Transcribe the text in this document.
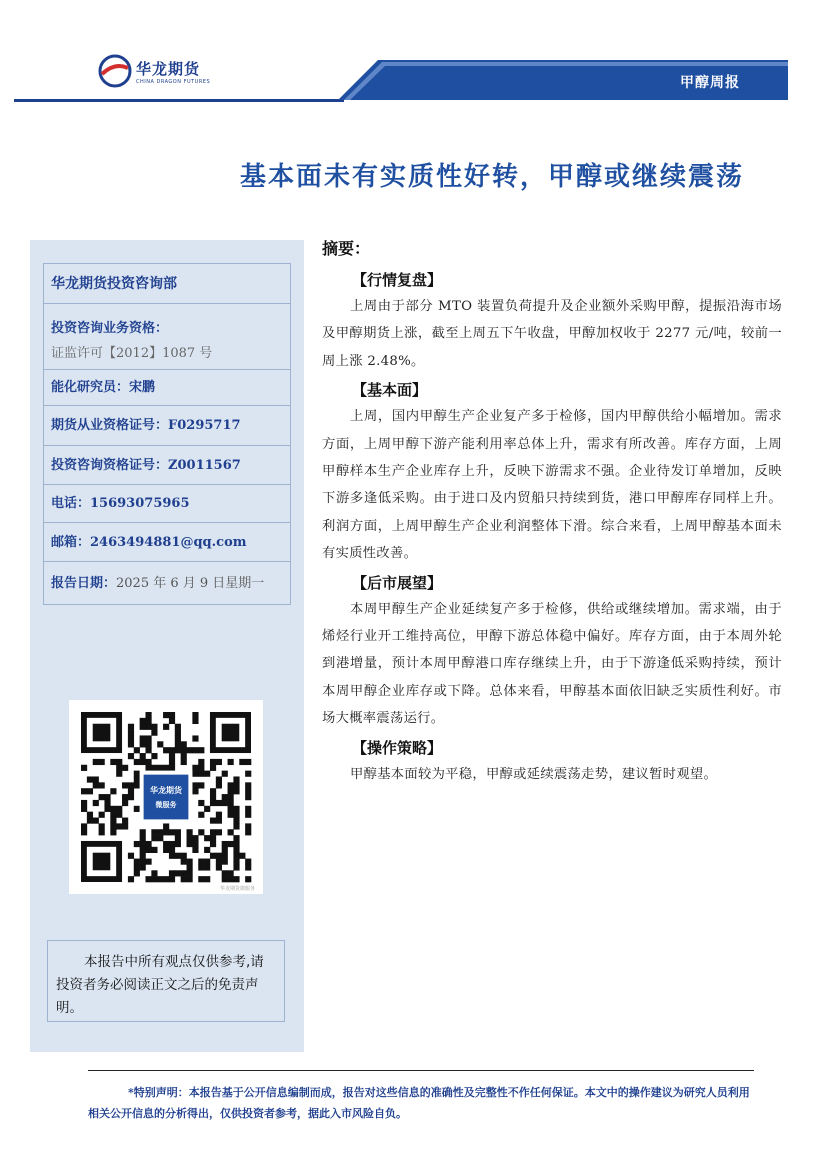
华龙期货
CHINA DRAGON FUTURES	甲醇周报
基本面未有实质性好转，甲醇或继续震荡
华龙期货投资咨询部
投资咨询业务资格：
证监许可【2012】1087 号
能化研究员：宋鹏
期货从业资格证号：F0295717
投资咨询资格证号：Z0011567
电话：15693075965
邮箱：2463494881@qq.com
报告日期：2025 年 6 月 9 日星期一
华龙期货
微服务
华龙期货微服务
本报告中所有观点仅供参考,请投资者务必阅读正文之后的免责声明。
摘要：
【行情复盘】

上周由于部分 MTO 装置负荷提升及企业额外采购甲醇，提振沿海市场及甲醇期货上涨，截至上周五下午收盘，甲醇加权收于 2277 元/吨，较前一周上涨 2.48%。

【基本面】

上周，国内甲醇生产企业复产多于检修，国内甲醇供给小幅增加。需求方面，上周甲醇下游产能利用率总体上升，需求有所改善。库存方面，上周甲醇样本生产企业库存上升，反映下游需求不强。企业待发订单增加，反映下游多逢低采购。由于进口及内贸船只持续到货，港口甲醇库存同样上升。利润方面，上周甲醇生产企业利润整体下滑。综合来看，上周甲醇基本面未有实质性改善。

【后市展望】

本周甲醇生产企业延续复产多于检修，供给或继续增加。需求端，由于烯烃行业开工维持高位，甲醇下游总体稳中偏好。库存方面，由于本周外轮到港增量，预计本周甲醇港口库存继续上升，由于下游逢低采购持续，预计本周甲醇企业库存或下降。总体来看，甲醇基本面依旧缺乏实质性利好。市场大概率震荡运行。

【操作策略】

甲醇基本面较为平稳，甲醇或延续震荡走势，建议暂时观望。

*特别声明：本报告基于公开信息编制而成，报告对这些信息的准确性及完整性不作任何保证。本文中的操作建议为研究人员利用相关公开信息的分析得出，仅供投资者参考，据此入市风险自负。
